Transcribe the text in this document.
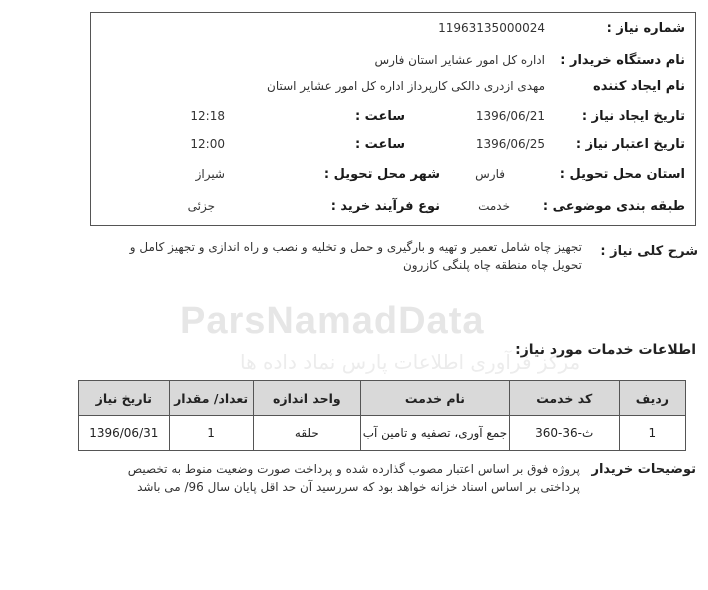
ParsNamadData
مرکز فرآوری اطلاعات پارس نماد داده ها
شماره نیاز :
11963135000024
نام دستگاه خریدار :
اداره کل امور عشایر استان فارس
نام ایجاد کننده
مهدی ازدری دالکی کارپرداز اداره کل امور عشایر استان
تاریخ ایجاد نیاز :
1396/06/21
ساعت :
12:18
تاریخ اعتبار نیاز :
1396/06/25
ساعت :
12:00
استان محل تحویل :
فارس
شهر محل تحویل :
شیراز
طبقه بندی موضوعی :
خدمت
نوع فرآیند خرید :
جزئی
شرح کلی نیاز :
تجهیز چاه شامل تعمیر و تهیه و بارگیری و حمل و تخلیه و نصب و راه اندازی و تجهیز کامل و تحویل چاه منطقه چاه پلنگی کازرون
اطلاعات خدمات مورد نیاز:
ردیف	کد خدمت	نام خدمت	واحد اندازه	تعداد/ مقدار	تاریخ نیاز
1	ث-36-360	جمع آوری، تصفیه و تامین آب	حلقه	1	1396/06/31
توضیحات خریدار
پروژه فوق بر اساس اعتبار مصوب گذارده شده و پرداخت صورت وضعیت منوط به تخصیص پرداختی بر اساس اسناد خزانه خواهد بود که سررسید آن حد اقل پایان سال 96/ می باشد
